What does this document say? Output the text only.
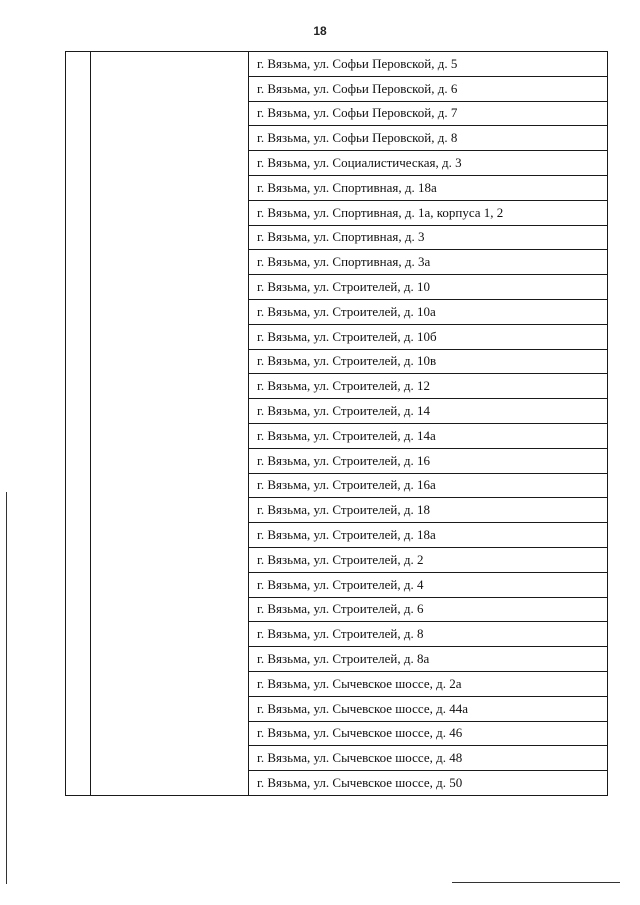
18
		г. Вязьма, ул. Софьи Перовской, д. 5
г. Вязьма, ул. Софьи Перовской, д. 6
г. Вязьма, ул. Софьи Перовской, д. 7
г. Вязьма, ул. Софьи Перовской, д. 8
г. Вязьма, ул. Социалистическая, д. 3
г. Вязьма, ул. Спортивная, д. 18а
г. Вязьма, ул. Спортивная, д. 1а, корпуса 1, 2
г. Вязьма, ул. Спортивная, д. 3
г. Вязьма, ул. Спортивная, д. 3а
г. Вязьма, ул. Строителей, д. 10
г. Вязьма, ул. Строителей, д. 10а
г. Вязьма, ул. Строителей, д. 10б
г. Вязьма, ул. Строителей, д. 10в
г. Вязьма, ул. Строителей, д. 12
г. Вязьма, ул. Строителей, д. 14
г. Вязьма, ул. Строителей, д. 14а
г. Вязьма, ул. Строителей, д. 16
г. Вязьма, ул. Строителей, д. 16а
г. Вязьма, ул. Строителей, д. 18
г. Вязьма, ул. Строителей, д. 18а
г. Вязьма, ул. Строителей, д. 2
г. Вязьма, ул. Строителей, д. 4
г. Вязьма, ул. Строителей, д. 6
г. Вязьма, ул. Строителей, д. 8
г. Вязьма, ул. Строителей, д. 8а
г. Вязьма, ул. Сычевское шоссе, д. 2а
г. Вязьма, ул. Сычевское шоссе, д. 44а
г. Вязьма, ул. Сычевское шоссе, д. 46
г. Вязьма, ул. Сычевское шоссе, д. 48
г. Вязьма, ул. Сычевское шоссе, д. 50
